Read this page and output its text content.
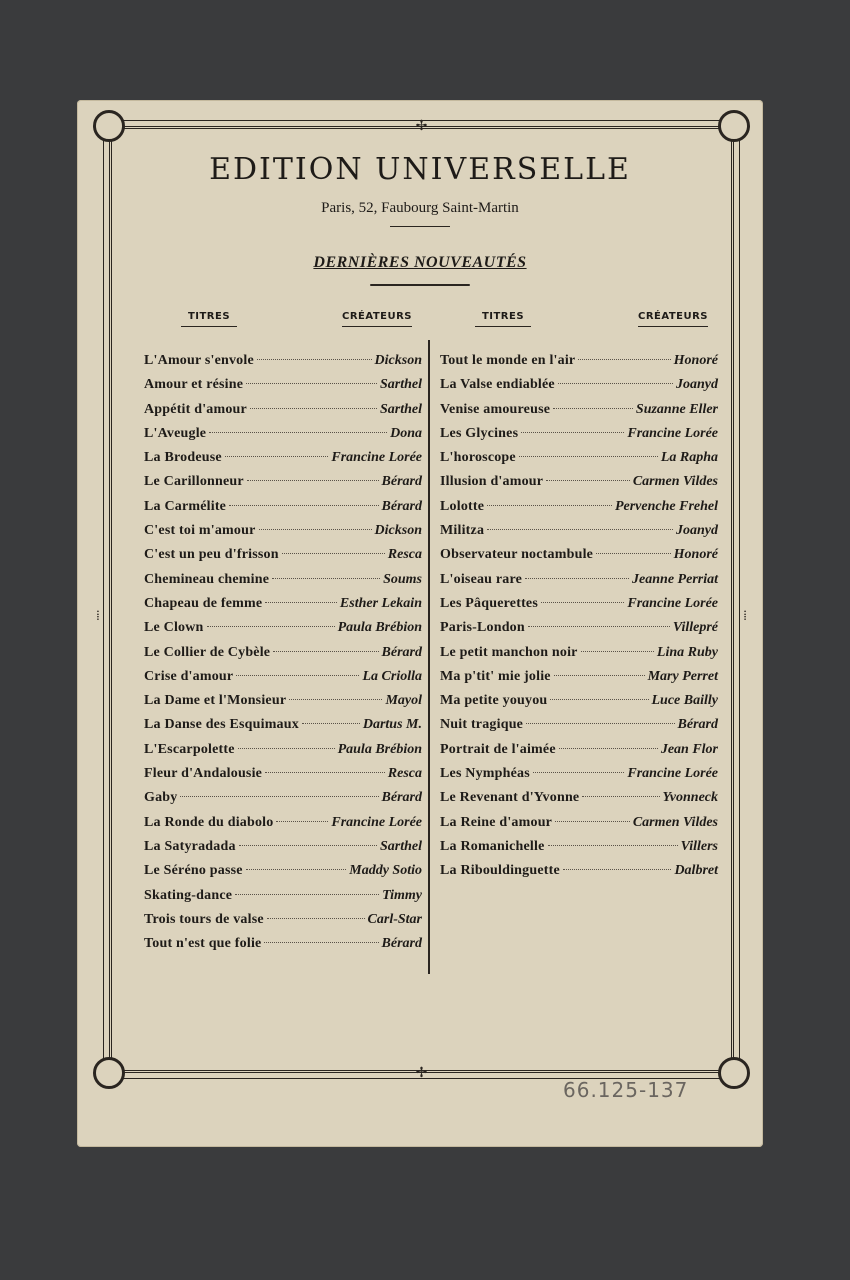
✢
✢
⁞	⁞
EDITION UNIVERSELLE
Paris, 52, Faubourg Saint-Martin
DERNIÈRES NOUVEAUTÉS
TITRES	CRÉATEURS	TITRES	CRÉATEURS
L'Amour s'envole	Dickson
Amour et résine	Sarthel
Appétit d'amour	Sarthel
L'Aveugle	Dona
La Brodeuse	Francine Lorée
Le Carillonneur	Bérard
La Carmélite	Bérard
C'est toi m'amour	Dickson
C'est un peu d'frisson	Resca
Chemineau chemine	Soums
Chapeau de femme	Esther Lekain
Le Clown	Paula Brébion
Le Collier de Cybèle	Bérard
Crise d'amour	La Criolla
La Dame et l'Monsieur	Mayol
La Danse des Esquimaux	Dartus M.
L'Escarpolette	Paula Brébion
Fleur d'Andalousie	Resca
Gaby	Bérard
La Ronde du diabolo	Francine Lorée
La Satyradada	Sarthel
Le Séréno passe	Maddy Sotio
Skating-dance	Timmy
Trois tours de valse	Carl-Star
Tout n'est que folie	Bérard
Tout le monde en l'air	Honoré
La Valse endiablée	Joanyd
Venise amoureuse	Suzanne Eller
Les Glycines	Francine Lorée
L'horoscope	La Rapha
Illusion d'amour	Carmen Vildes
Lolotte	Pervenche Frehel
Militza	Joanyd
Observateur noctambule	Honoré
L'oiseau rare	Jeanne Perriat
Les Pâquerettes	Francine Lorée
Paris-London	Villepré
Le petit manchon noir	Lina Ruby
Ma p'tit' mie jolie	Mary Perret
Ma petite youyou	Luce Bailly
Nuit tragique	Bérard
Portrait de l'aimée	Jean Flor
Les Nymphéas	Francine Lorée
Le Revenant d'Yvonne	Yvonneck
La Reine d'amour	Carmen Vildes
La Romanichelle	Villers
La Ribouldinguette	Dalbret
66.125-137
